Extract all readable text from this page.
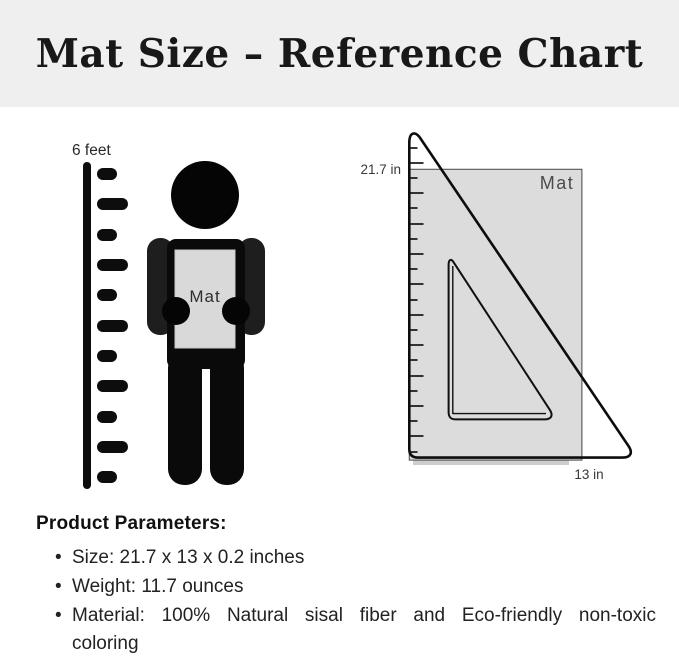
Mat Size – Reference Chart
6 feet
Mat
21.7 in
Mat
13 in
Product Parameters:
• Size: 21.7 x 13 x 0.2 inches
• Weight: 11.7 ounces
• Material: 100% Natural sisal fiber and Eco-friendly non-toxic coloring
